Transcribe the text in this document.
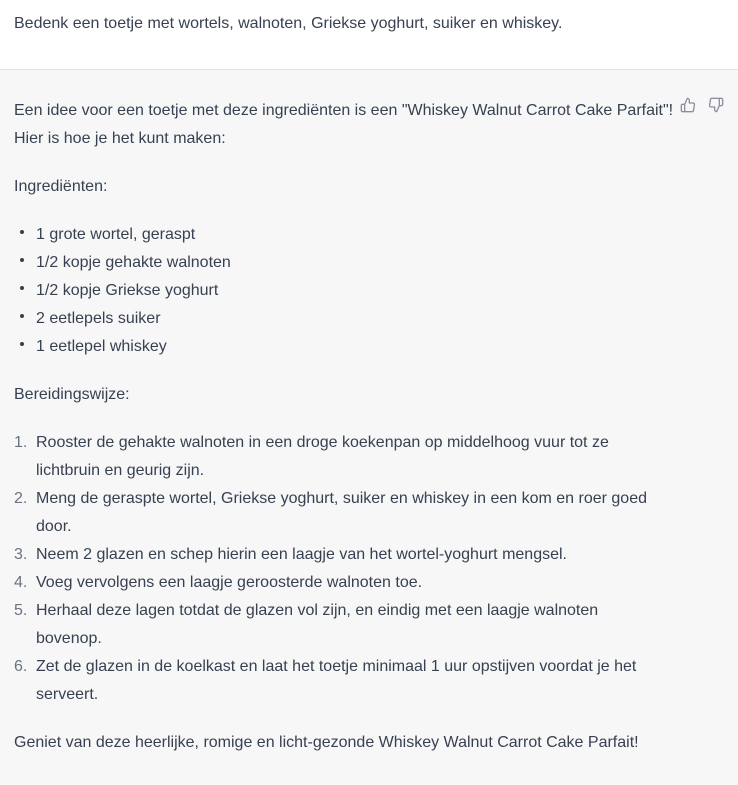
Bedenk een toetje met wortels, walnoten, Griekse yoghurt, suiker en whiskey.

Een idee voor een toetje met deze ingrediënten is een "Whiskey Walnut Carrot Cake Parfait"! Hier is hoe je het kunt maken:

Ingrediënten:

1 grote wortel, geraspt
1/2 kopje gehakte walnoten
1/2 kopje Griekse yoghurt
2 eetlepels suiker
1 eetlepel whiskey

Bereidingswijze:

1. Rooster de gehakte walnoten in een droge koekenpan op middelhoog vuur tot ze lichtbruin en geurig zijn.
2. Meng de geraspte wortel, Griekse yoghurt, suiker en whiskey in een kom en roer goed door.
3. Neem 2 glazen en schep hierin een laagje van het wortel-yoghurt mengsel.
4. Voeg vervolgens een laagje geroosterde walnoten toe.
5. Herhaal deze lagen totdat de glazen vol zijn, en eindig met een laagje walnoten bovenop.
6. Zet de glazen in de koelkast en laat het toetje minimaal 1 uur opstijven voordat je het serveert.

Geniet van deze heerlijke, romige en licht-gezonde Whiskey Walnut Carrot Cake Parfait!
